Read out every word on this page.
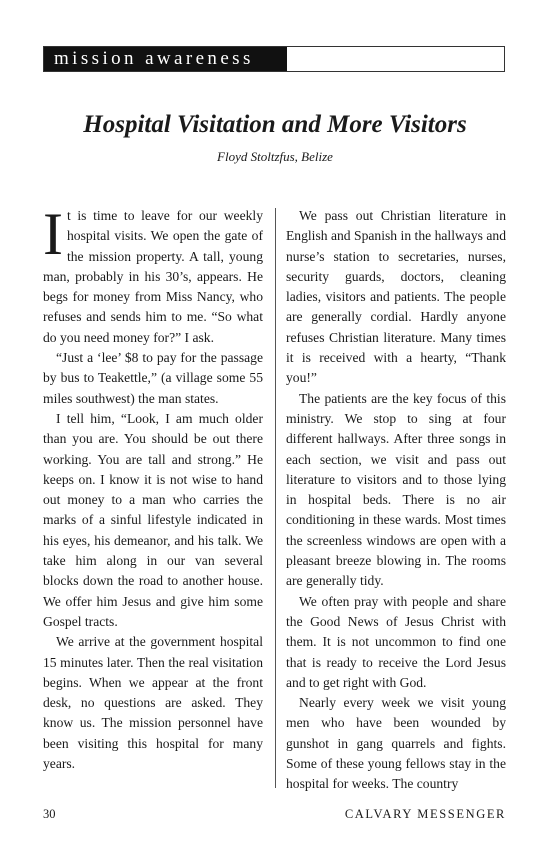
mission awareness
Hospital Visitation and More Visitors
Floyd Stoltzfus, Belize

It is time to leave for our weekly hospital visits. We open the gate of the mission property. A tall, young man, probably in his 30’s, appears. He begs for money from Miss Nancy, who refuses and sends him to me. “So what do you need money for?” I ask.

“Just a ‘lee’ $8 to pay for the passage by bus to Teakettle,” (a village some 55 miles southwest) the man states.

I tell him, “Look, I am much older than you are. You should be out there working. You are tall and strong.” He keeps on. I know it is not wise to hand out money to a man who carries the marks of a sinful lifestyle indicated in his eyes, his demeanor, and his talk. We take him along in our van several blocks down the road to another house. We offer him Jesus and give him some Gospel tracts.

We arrive at the government hospital 15 minutes later. Then the real visitation begins. When we appear at the front desk, no questions are asked. They know us. The mission personnel have been visiting this hospital for many years.

We pass out Christian literature in English and Spanish in the hallways and nurse’s station to secretaries, nurses, security guards, doctors, cleaning ladies, visitors and patients. The people are generally cordial. Hardly anyone refuses Christian literature. Many times it is received with a hearty, “Thank you!”

The patients are the key focus of this ministry. We stop to sing at four different hallways. After three songs in each section, we visit and pass out literature to visitors and to those lying in hospital beds. There is no air conditioning in these wards. Most times the screenless windows are open with a pleasant breeze blowing in. The rooms are generally tidy.

We often pray with people and share the Good News of Jesus Christ with them. It is not uncommon to find one that is ready to receive the Lord Jesus and to get right with God.

Nearly every week we visit young men who have been wounded by gunshot in gang quarrels and fights. Some of these young fellows stay in the hospital for weeks. The country

30	CALVARY MESSENGER
